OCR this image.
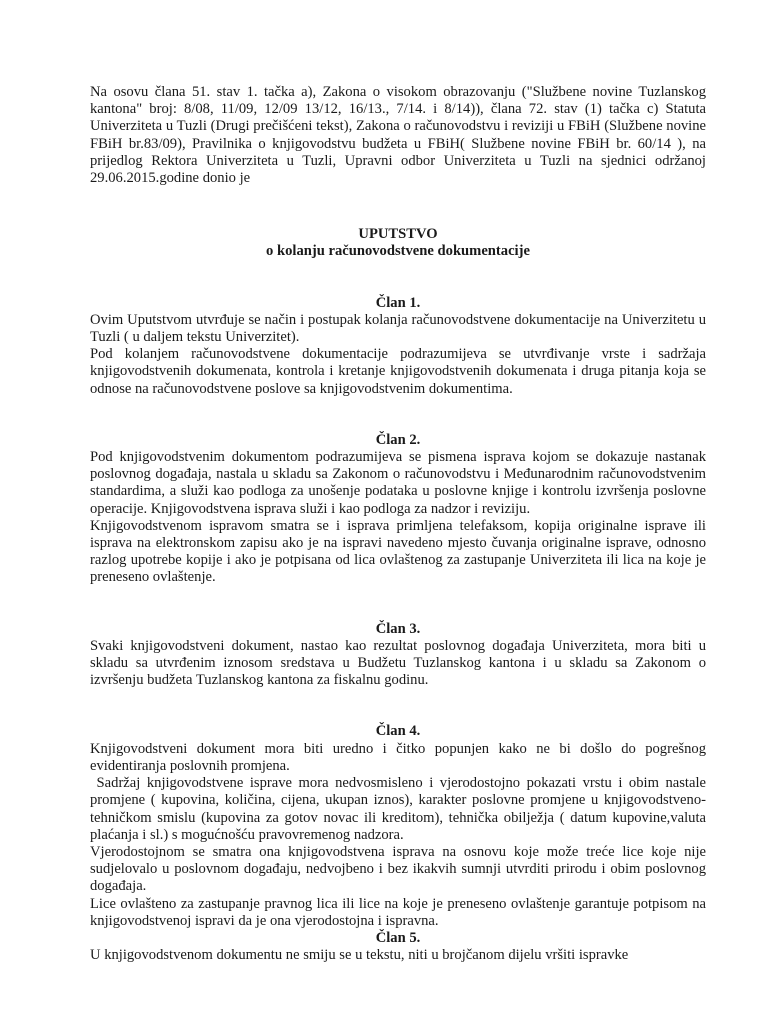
Na osovu člana 51. stav 1. tačka a), Zakona o visokom obrazovanju ("Službene novine Tuzlanskog kantona" broj: 8/08, 11/09, 12/09 13/12, 16/13., 7/14. i 8/14)), člana 72. stav (1) tačka c) Statuta Univerziteta u Tuzli (Drugi prečišćeni tekst), Zakona o računovodstvu i reviziji u FBiH (Službene novine FBiH br.83/09), Pravilnika o knjigovodstvu budžeta u FBiH( Službene novine FBiH br. 60/14 ), na prijedlog Rektora Univerziteta u Tuzli, Upravni odbor Univerziteta u Tuzli na sjednici održanoj 29.06.2015.godine donio je

UPUTSTVO

o kolanju računovodstvene dokumentacije

Član 1.

Ovim Uputstvom utvrđuje se način i postupak kolanja računovodstvene dokumentacije na Univerzitetu u Tuzli ( u daljem tekstu Univerzitet).

Pod kolanjem računovodstvene dokumentacije podrazumijeva se utvrđivanje vrste i sadržaja knjigovodstvenih dokumenata, kontrola i kretanje knjigovodstvenih dokumenata i druga pitanja koja se odnose na računovodstvene poslove sa knjigovodstvenim dokumentima.

Član 2.

Pod knjigovodstvenim dokumentom podrazumijeva se pismena isprava kojom se dokazuje nastanak poslovnog događaja, nastala u skladu sa Zakonom o računovodstvu i Međunarodnim računovodstvenim standardima, a služi kao podloga za unošenje podataka u poslovne knjige i kontrolu izvršenja poslovne operacije. Knjigovodstvena isprava služi i kao podloga za nadzor i reviziju.

Knjigovodstvenom ispravom smatra se i isprava primljena telefaksom, kopija originalne isprave ili isprava na elektronskom zapisu ako je na ispravi navedeno mjesto čuvanja originalne isprave, odnosno razlog upotrebe kopije i ako je potpisana od lica ovlaštenog za zastupanje Univerziteta ili lica na koje je preneseno ovlaštenje.

Član 3.

Svaki knjigovodstveni dokument, nastao kao rezultat poslovnog događaja Univerziteta, mora biti u skladu sa utvrđenim iznosom sredstava u Budžetu Tuzlanskog kantona i u skladu sa Zakonom o izvršenju budžeta Tuzlanskog kantona za fiskalnu godinu.

Član 4.

Knjigovodstveni dokument mora biti uredno i čitko popunjen kako ne bi došlo do pogrešnog evidentiranja poslovnih promjena.

Sadržaj knjigovodstvene isprave mora nedvosmisleno i vjerodostojno pokazati vrstu i obim nastale promjene ( kupovina, količina, cijena, ukupan iznos), karakter poslovne promjene u knjigovodstveno- tehničkom smislu (kupovina za gotov novac ili kreditom), tehnička obilježja ( datum kupovine,valuta plaćanja i sl.) s mogućnošću pravovremenog nadzora.

Vjerodostojnom se smatra ona knjigovodstvena isprava na osnovu koje može treće lice koje nije sudjelovalo u poslovnom događaju, nedvojbeno i bez ikakvih sumnji utvrditi prirodu i obim poslovnog događaja.

Lice ovlašteno za zastupanje pravnog lica ili lice na koje je preneseno ovlaštenje garantuje potpisom na knjigovodstvenoj ispravi da je ona vjerodostojna i ispravna.

Član 5.

U knjigovodstvenom dokumentu ne smiju se u tekstu, niti u brojčanom dijelu vršiti ispravke
